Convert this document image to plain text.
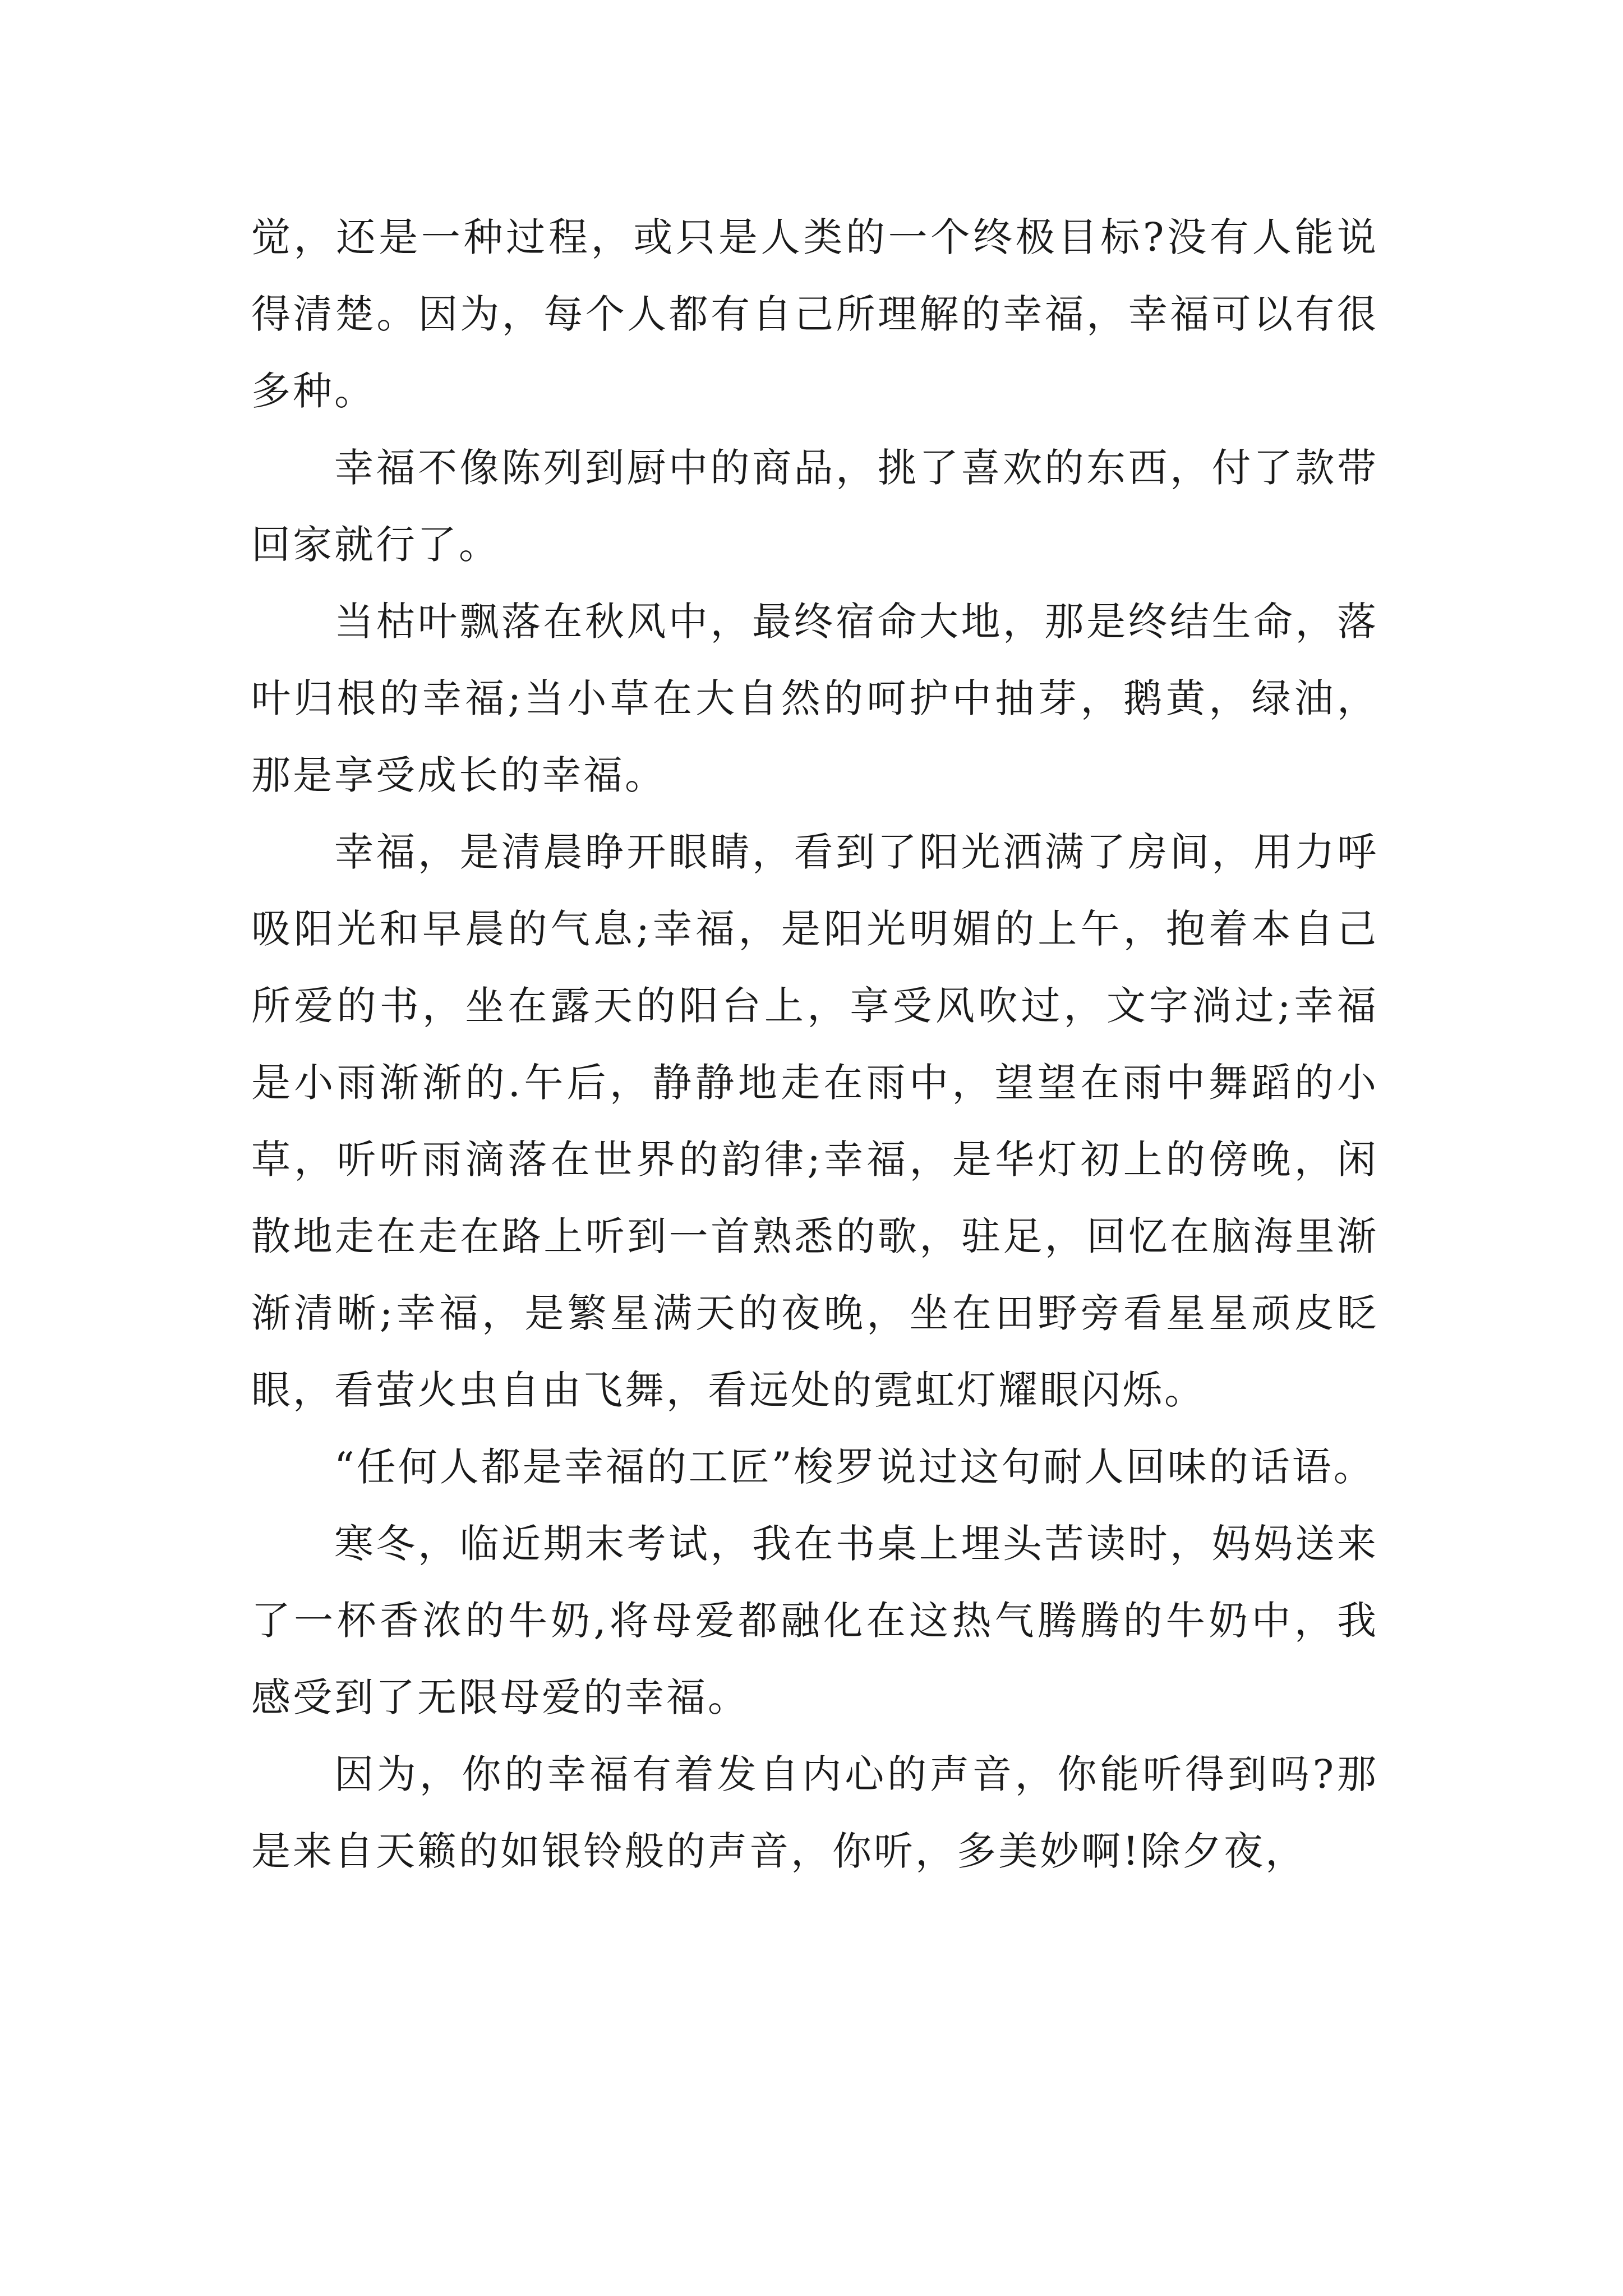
觉，还是一种过程，或只是人类的一个终极目标?没有人能说得清楚。因为，每个人都有自己所理解的幸福，幸福可以有很多种。

幸福不像陈列到厨中的商品，挑了喜欢的东西，付了款带回家就行了。

当枯叶飘落在秋风中，最终宿命大地，那是终结生命，落叶归根的幸福;当小草在大自然的呵护中抽芽，鹅黄，绿油，那是享受成长的幸福。

幸福，是清晨睁开眼睛，看到了阳光洒满了房间，用力呼吸阳光和早晨的气息;幸福，是阳光明媚的上午，抱着本自己所爱的书，坐在露天的阳台上，享受风吹过，文字淌过;幸福是小雨渐渐的.午后，静静地走在雨中，望望在雨中舞蹈的小草，听听雨滴落在世界的韵律;幸福，是华灯初上的傍晚，闲散地走在走在路上听到一首熟悉的歌，驻足，回忆在脑海里渐渐清晰;幸福，是繁星满天的夜晚，坐在田野旁看星星顽皮眨眼，看萤火虫自由飞舞，看远处的霓虹灯耀眼闪烁。

“任何人都是幸福的工匠”梭罗说过这句耐人回味的话语。

寒冬，临近期末考试，我在书桌上埋头苦读时，妈妈送来了一杯香浓的牛奶,将母爱都融化在这热气腾腾的牛奶中，我感受到了无限母爱的幸福。

因为，你的幸福有着发自内心的声音，你能听得到吗?那是来自天籁的如银铃般的声音，你听，多美妙啊!除夕夜，
